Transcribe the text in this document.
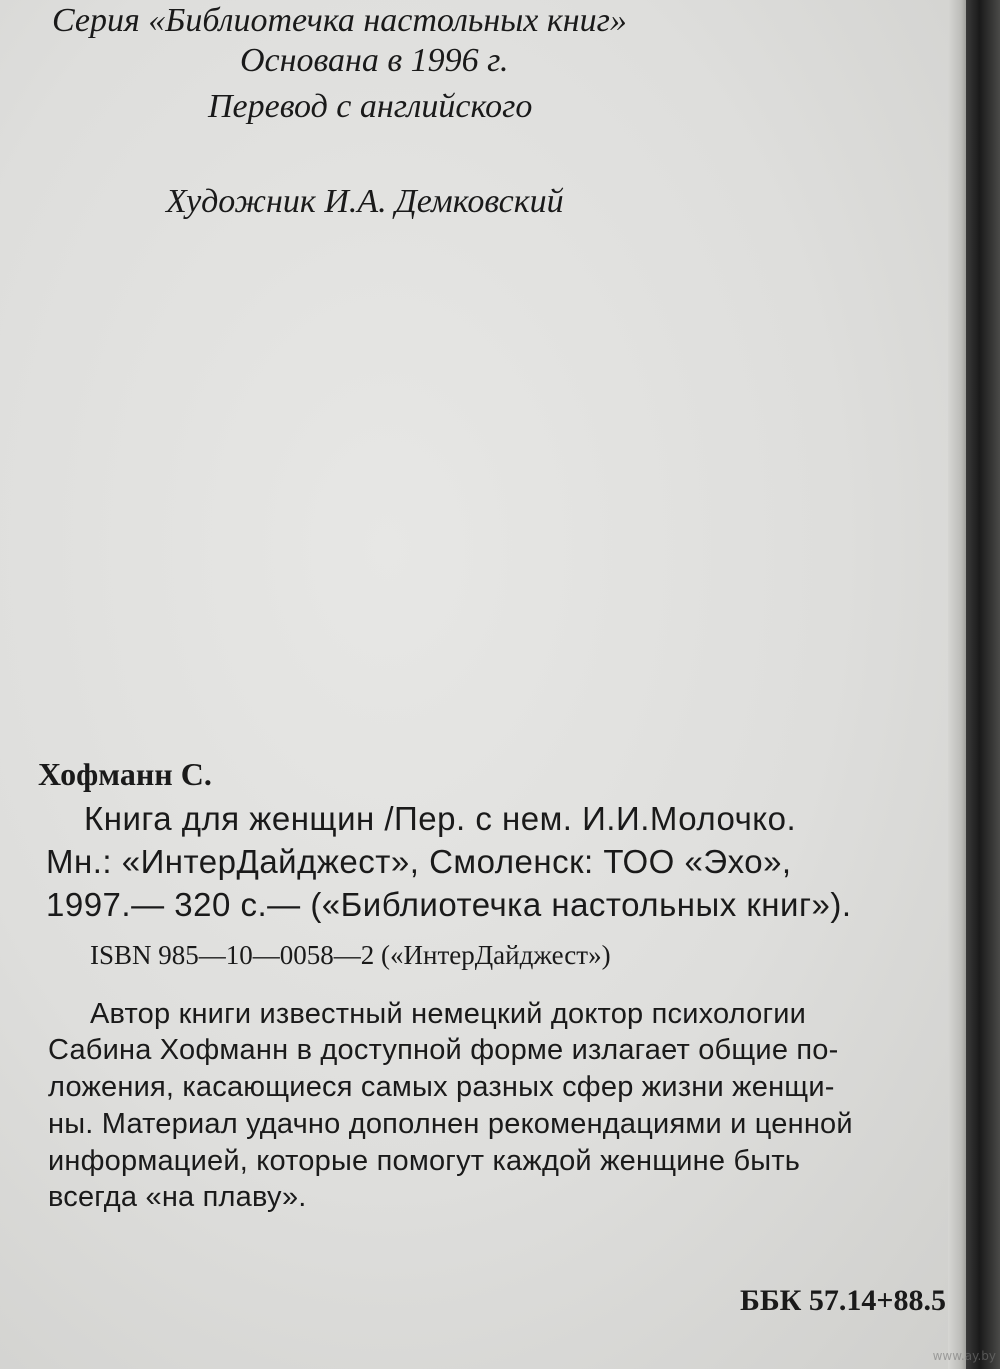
Серия «Библиотечка настольных книг»
Основана в 1996 г.
Перевод с английского
Художник И.А. Демковский
Хофманн С.
Книга для женщин /Пер. с нем. И.И.Молочко.
Мн.: «ИнтерДайджест», Смоленск: ТОО «Эхо»,
1997.— 320 с.— («Библиотечка настольных книг»).
ISBN 985—10—0058—2 («ИнтерДайджест»)
Автор книги известный немецкий доктор психологии
Сабина Хофманн в доступной форме излагает общие по-
ложения, касающиеся самых разных сфер жизни женщи-
ны. Материал удачно дополнен рекомендациями и ценной
информацией, которые помогут каждой женщине быть
всегда «на плаву».
ББК 57.14+88.5
www.ay.by
